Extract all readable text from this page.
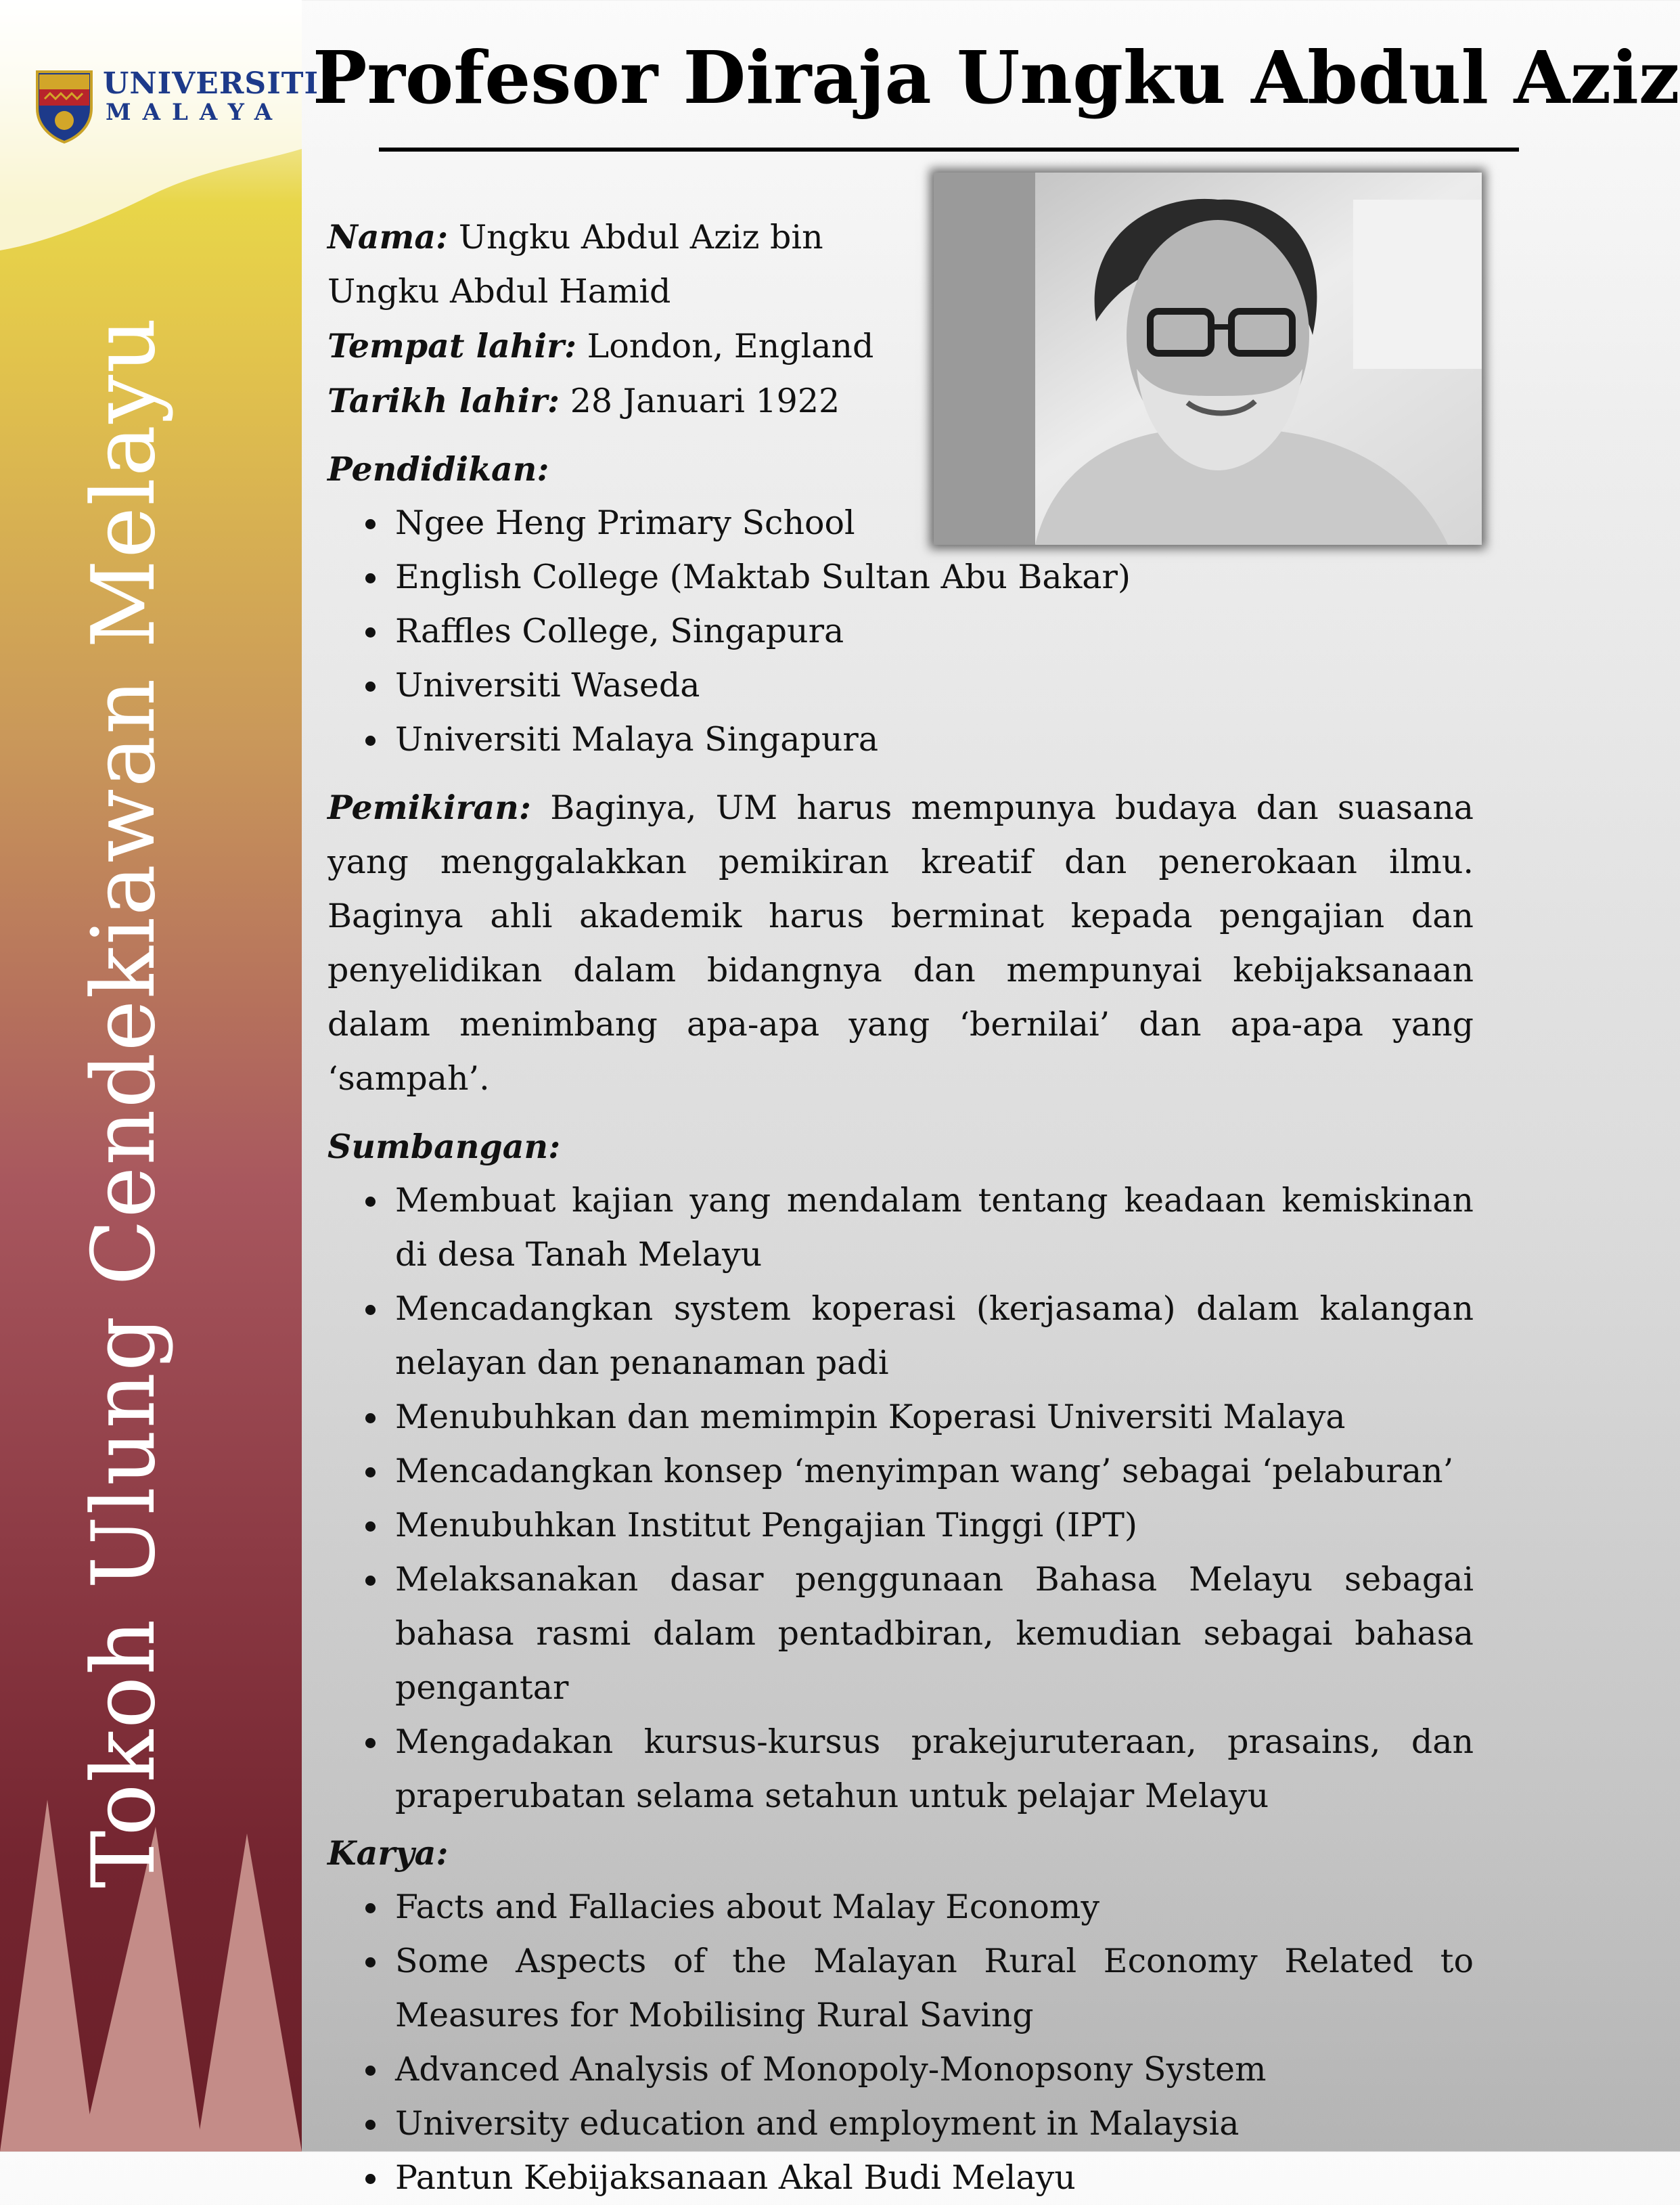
Tokoh Ulung Cendekiawan Melayu
UNIVERSITI
MALAYA Profesor Diraja Ungku Abdul Aziz
Nama: Ungku Abdul Aziz bin
Ungku Abdul Hamid
Tempat lahir: London, England
Tarikh lahir: 28 Januari 1922
Pendidikan:
Ngee Heng Primary School
English College (Maktab Sultan Abu Bakar)
Raffles College, Singapura
Universiti Waseda
Universiti Malaya Singapura
Pemikiran: Baginya, UM harus mempunya budaya dan suasana yang menggalakkan pemikiran kreatif dan penerokaan ilmu. Baginya ahli akademik harus berminat kepada pengajian dan penyelidikan dalam bidangnya dan mempunyai kebijaksanaan dalam menimbang apa-apa yang ‘bernilai’ dan apa-apa yang ‘sampah’.
Sumbangan:
Membuat kajian yang mendalam tentang keadaan kemiskinan di desa Tanah Melayu
Mencadangkan system koperasi (kerjasama) dalam kalangan nelayan dan penanaman padi
Menubuhkan dan memimpin Koperasi Universiti Malaya
Mencadangkan konsep ‘menyimpan wang’ sebagai ‘pelaburan’
Menubuhkan Institut Pengajian Tinggi (IPT)
Melaksanakan dasar penggunaan Bahasa Melayu sebagai bahasa rasmi dalam pentadbiran, kemudian sebagai bahasa pengantar
Mengadakan kursus-kursus prakejuruteraan, prasains, dan praperubatan selama setahun untuk pelajar Melayu
Karya:
Facts and Fallacies about Malay Economy
Some Aspects of the Malayan Rural Economy Related to Measures for Mobilising Rural Saving
Advanced Analysis of Monopoly-Monopsony System
University education and employment in Malaysia
Pantun Kebijaksanaan Akal Budi Melayu
